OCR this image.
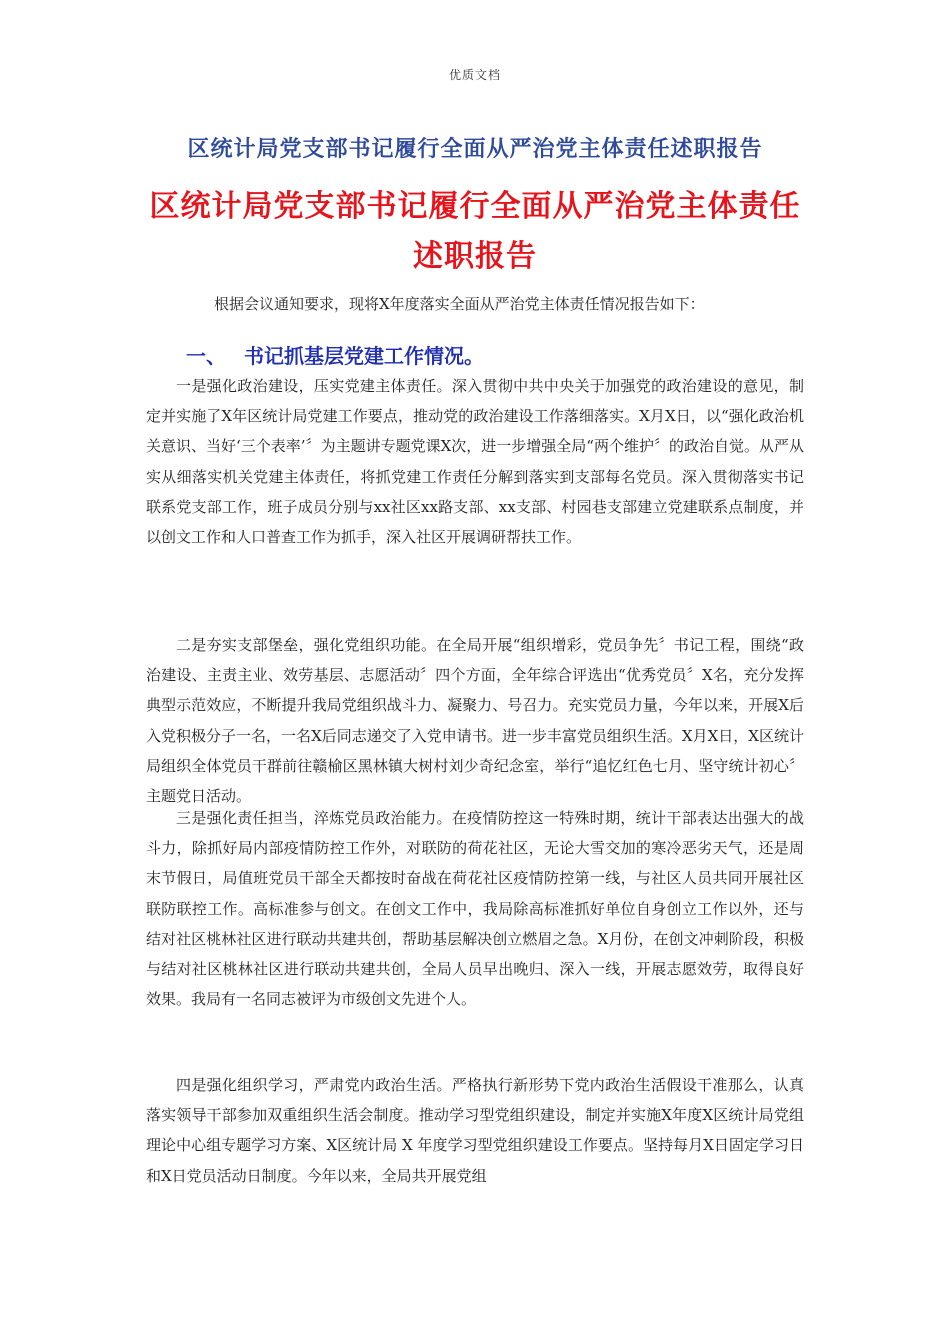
优质文档
区统计局党支部书记履行全面从严治党主体责任述职报告
区统计局党支部书记履行全面从严治党主体责任述职报告
根据会议通知要求，现将X年度落实全面从严治党主体责任情况报告如下：
一、 书记抓基层党建工作情况。

一是强化政治建设，压实党建主体责任。深入贯彻中共中央关于加强党的政治建设的意见，制定并实施了X年区统计局党建工作要点，推动党的政治建设工作落细落实。X月X日，以“强化政治机关意识、当好‘三个表率’〞为主题讲专题党课X次，进一步增强全局“两个维护〞的政治自觉。从严从实从细落实机关党建主体责任，将抓党建工作责任分解到落实到支部每名党员。深入贯彻落实书记联系党支部工作，班子成员分别与xx社区xx路支部、xx支部、村园巷支部建立党建联系点制度，并以创文工作和人口普查工作为抓手，深入社区开展调研帮扶工作。

二是夯实支部堡垒，强化党组织功能。在全局开展“组织增彩，党员争先〞书记工程，围绕“政治建设、主责主业、效劳基层、志愿活动〞四个方面，全年综合评选出“优秀党员〞X名，充分发挥典型示范效应，不断提升我局党组织战斗力、凝聚力、号召力。充实党员力量，今年以来，开展X后入党积极分子一名，一名X后同志递交了入党申请书。进一步丰富党员组织生活。X月X日，X区统计局组织全体党员干群前往赣榆区黑林镇大树村刘少奇纪念室，举行“追忆红色七月、坚守统计初心〞主题党日活动。

三是强化责任担当，淬炼党员政治能力。在疫情防控这一特殊时期，统计干部表达出强大的战斗力，除抓好局内部疫情防控工作外，对联防的荷花社区，无论大雪交加的寒冷恶劣天气，还是周末节假日，局值班党员干部全天都按时奋战在荷花社区疫情防控第一线，与社区人员共同开展社区联防联控工作。高标准参与创文。在创文工作中，我局除高标准抓好单位自身创立工作以外，还与结对社区桃林社区进行联动共建共创，帮助基层解决创立燃眉之急。X月份，在创文冲刺阶段，积极与结对社区桃林社区进行联动共建共创，全局人员早出晚归、深入一线，开展志愿效劳，取得良好效果。我局有一名同志被评为市级创文先进个人。

四是强化组织学习，严肃党内政治生活。严格执行新形势下党内政治生活假设干准那么，认真落实领导干部参加双重组织生活会制度。推动学习型党组织建设，制定并实施X年度X区统计局党组理论中心组专题学习方案、X区统计局 X 年度学习型党组织建设工作要点。坚持每月X日固定学习日和X日党员活动日制度。今年以来，全局共开展党组
